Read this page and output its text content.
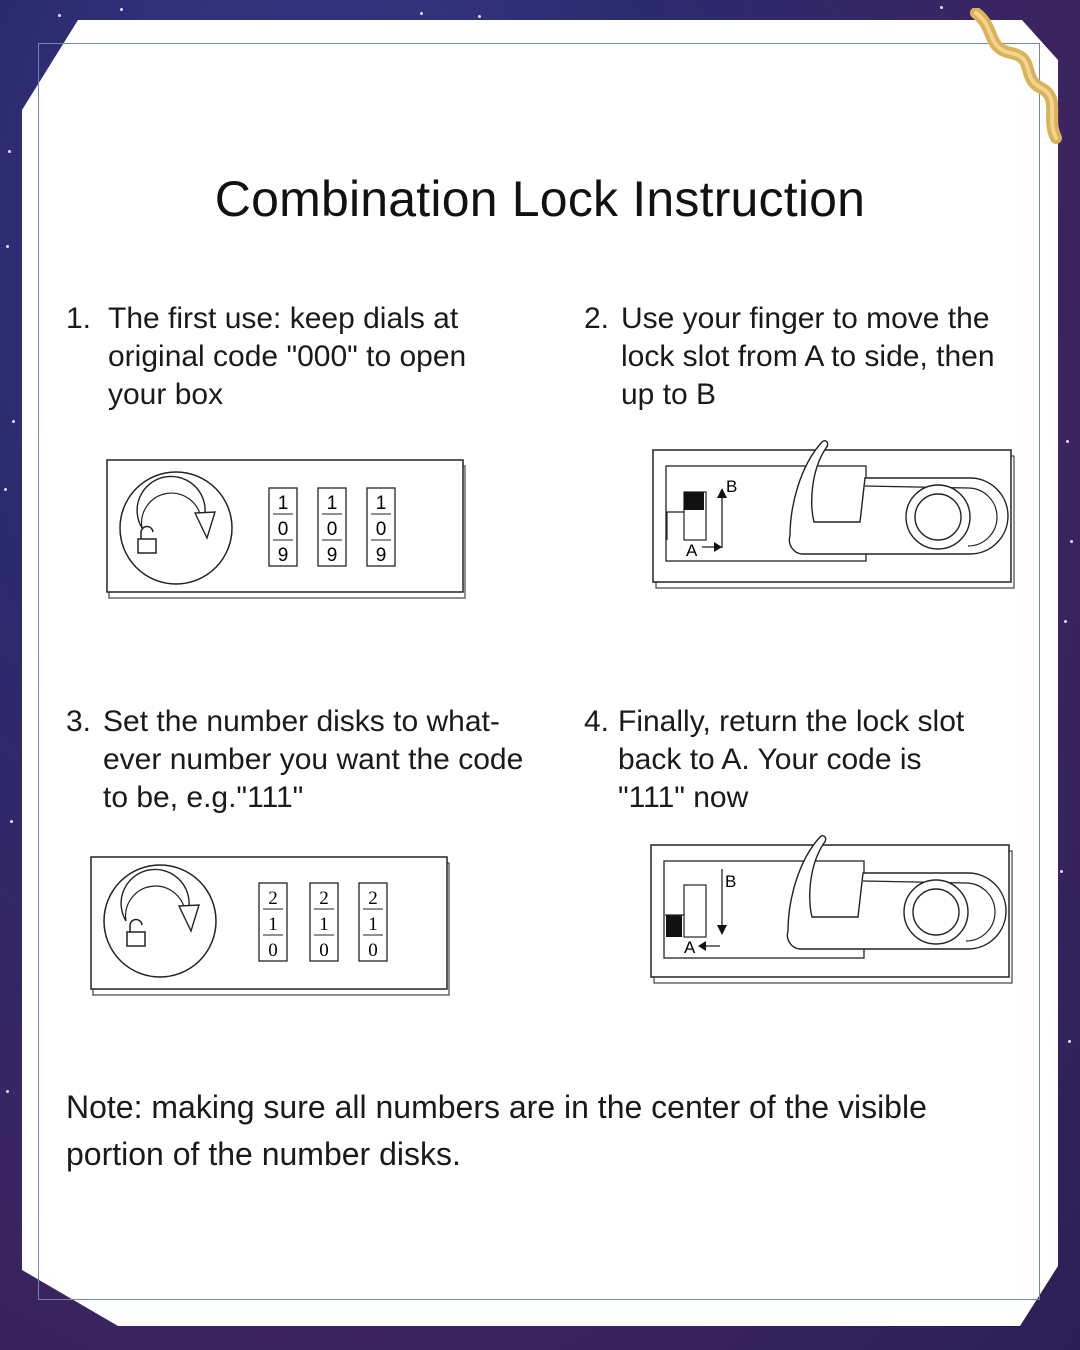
Combination Lock Instruction
1. The first use: keep dials at
original code "000" to open
your box
2. Use your finger to move the
lock slot from A to side, then
up to B
3. Set the number disks to what-
ever number you want the code
to be, e.g."111"
4. Finally, return the lock slot
back to A. Your code is
"111" now
1
0
9
1
0
9
1
0
9
B
A
2
1
0
2
1
0
2
1
0
B
A
Note: making sure all numbers are in the center of the visible portion of the number disks.
